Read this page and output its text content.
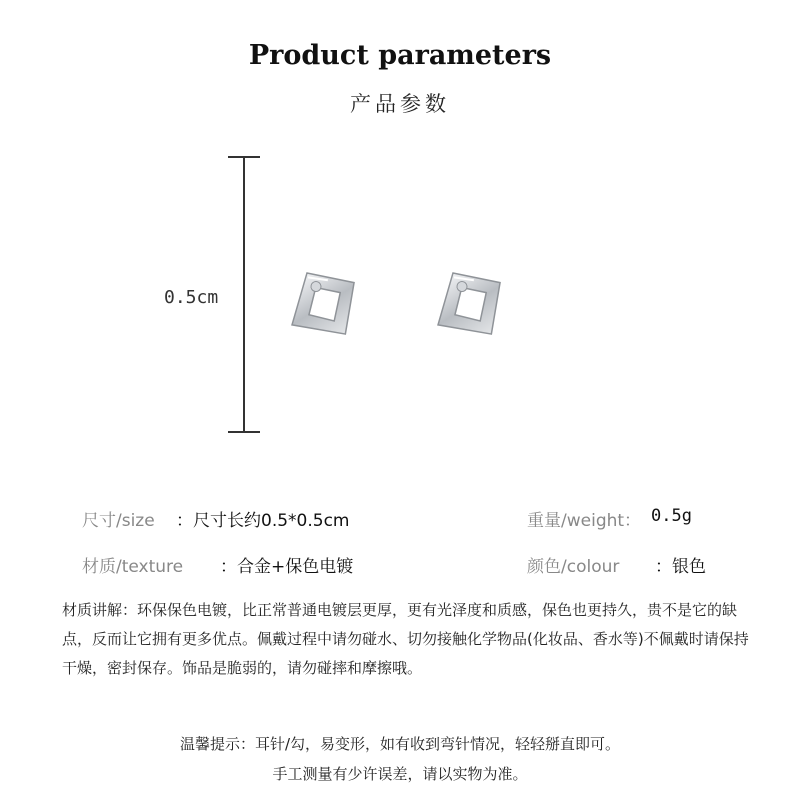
Product parameters
产品参数
0.5cm
尺寸/size ：尺寸长约0.5*0.5cm	重量/weight： 0.5g
材质/texture ：合金+保色电镀	颜色/colour ：银色
材质讲解：环保保色电镀，比正常普通电镀层更厚，更有光泽度和质感，保色也更持久，贵不是它的缺点，反而让它拥有更多优点。佩戴过程中请勿碰水、切勿接触化学物品(化妆品、香水等)不佩戴时请保持干燥，密封保存。饰品是脆弱的，请勿碰摔和摩擦哦。
温馨提示：耳针/勾，易变形，如有收到弯针情况，轻轻掰直即可。
手工测量有少许误差，请以实物为准。
